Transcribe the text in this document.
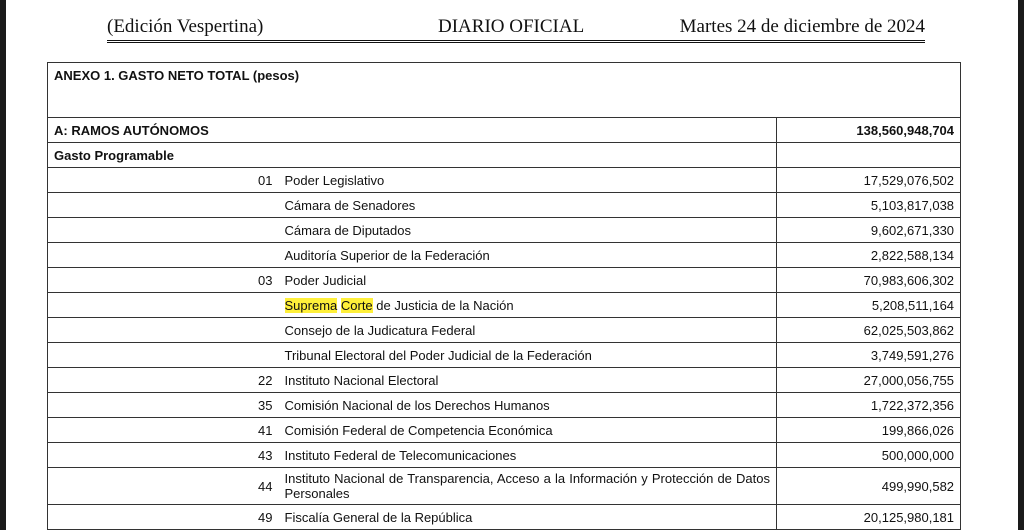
(Edición Vespertina)	DIARIO OFICIAL	Martes 24 de diciembre de 2024
ANEXO 1. GASTO NETO TOTAL (pesos)		
A: RAMOS AUTÓNOMOS		138,560,948,704
Gasto Programable		
01	Poder Legislativo	17,529,076,502
	Cámara de Senadores	5,103,817,038
	Cámara de Diputados	9,602,671,330
	Auditoría Superior de la Federación	2,822,588,134
03	Poder Judicial	70,983,606,302
	Suprema Corte de Justicia de la Nación	5,208,511,164
	Consejo de la Judicatura Federal	62,025,503,862
	Tribunal Electoral del Poder Judicial de la Federación	3,749,591,276
22	Instituto Nacional Electoral	27,000,056,755
35	Comisión Nacional de los Derechos Humanos	1,722,372,356
41	Comisión Federal de Competencia Económica	199,866,026
43	Instituto Federal de Telecomunicaciones	500,000,000
44	Instituto Nacional de Transparencia, Acceso a la Información y Protección de Datos Personales	499,990,582
49	Fiscalía General de la República	20,125,980,181
